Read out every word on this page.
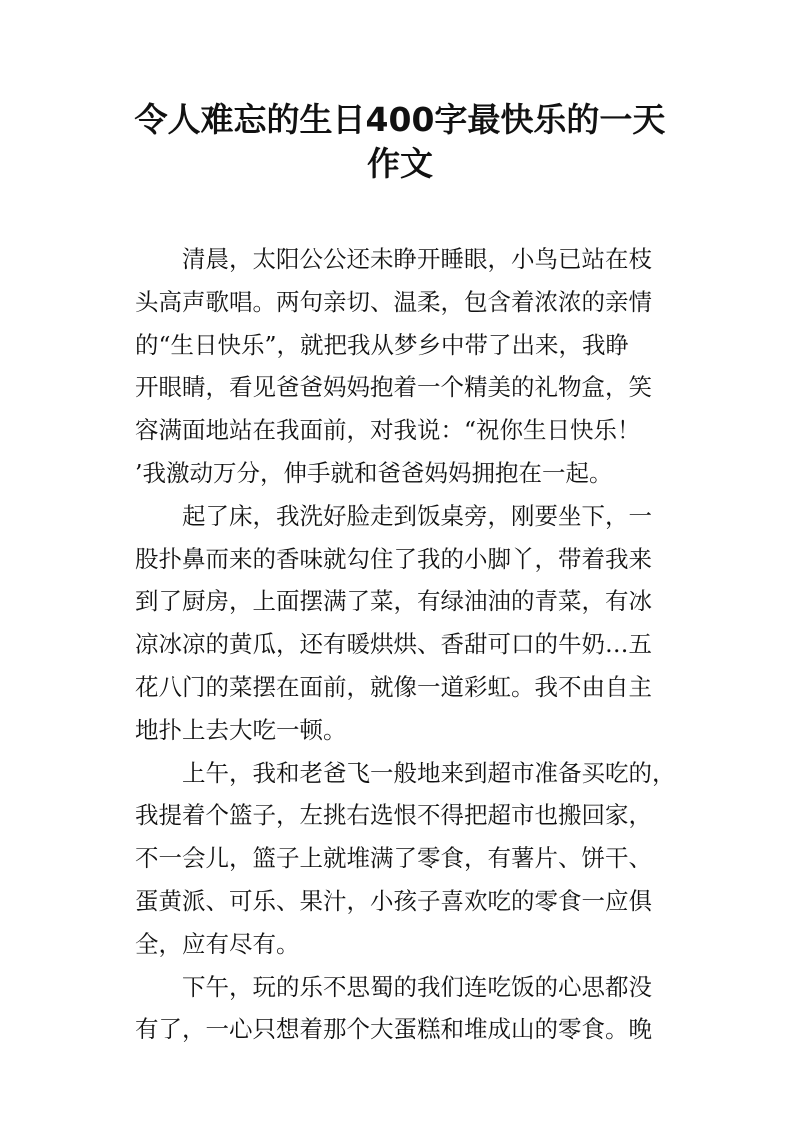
令人难忘的生日400字最快乐的一天
作文
清晨，太阳公公还未睁开睡眼，小鸟已站在枝
头高声歌唱。两句亲切、温柔，包含着浓浓的亲情
的“生日快乐”，就把我从梦乡中带了出来，我睁
开眼睛，看见爸爸妈妈抱着一个精美的礼物盒，笑
容满面地站在我面前，对我说：“祝你生日快乐！
’我激动万分，伸手就和爸爸妈妈拥抱在一起。
起了床，我洗好脸走到饭桌旁，刚要坐下，一
股扑鼻而来的香味就勾住了我的小脚丫，带着我来
到了厨房，上面摆满了菜，有绿油油的青菜，有冰
凉冰凉的黄瓜，还有暖烘烘、香甜可口的牛奶…五
花八门的菜摆在面前，就像一道彩虹。我不由自主
地扑上去大吃一顿。
上午，我和老爸飞一般地来到超市准备买吃的，
我提着个篮子，左挑右选恨不得把超市也搬回家，
不一会儿，篮子上就堆满了零食，有薯片、饼干、
蛋黄派、可乐、果汁，小孩子喜欢吃的零食一应俱
全，应有尽有。
下午，玩的乐不思蜀的我们连吃饭的心思都没
有了，一心只想着那个大蛋糕和堆成山的零食。晚
